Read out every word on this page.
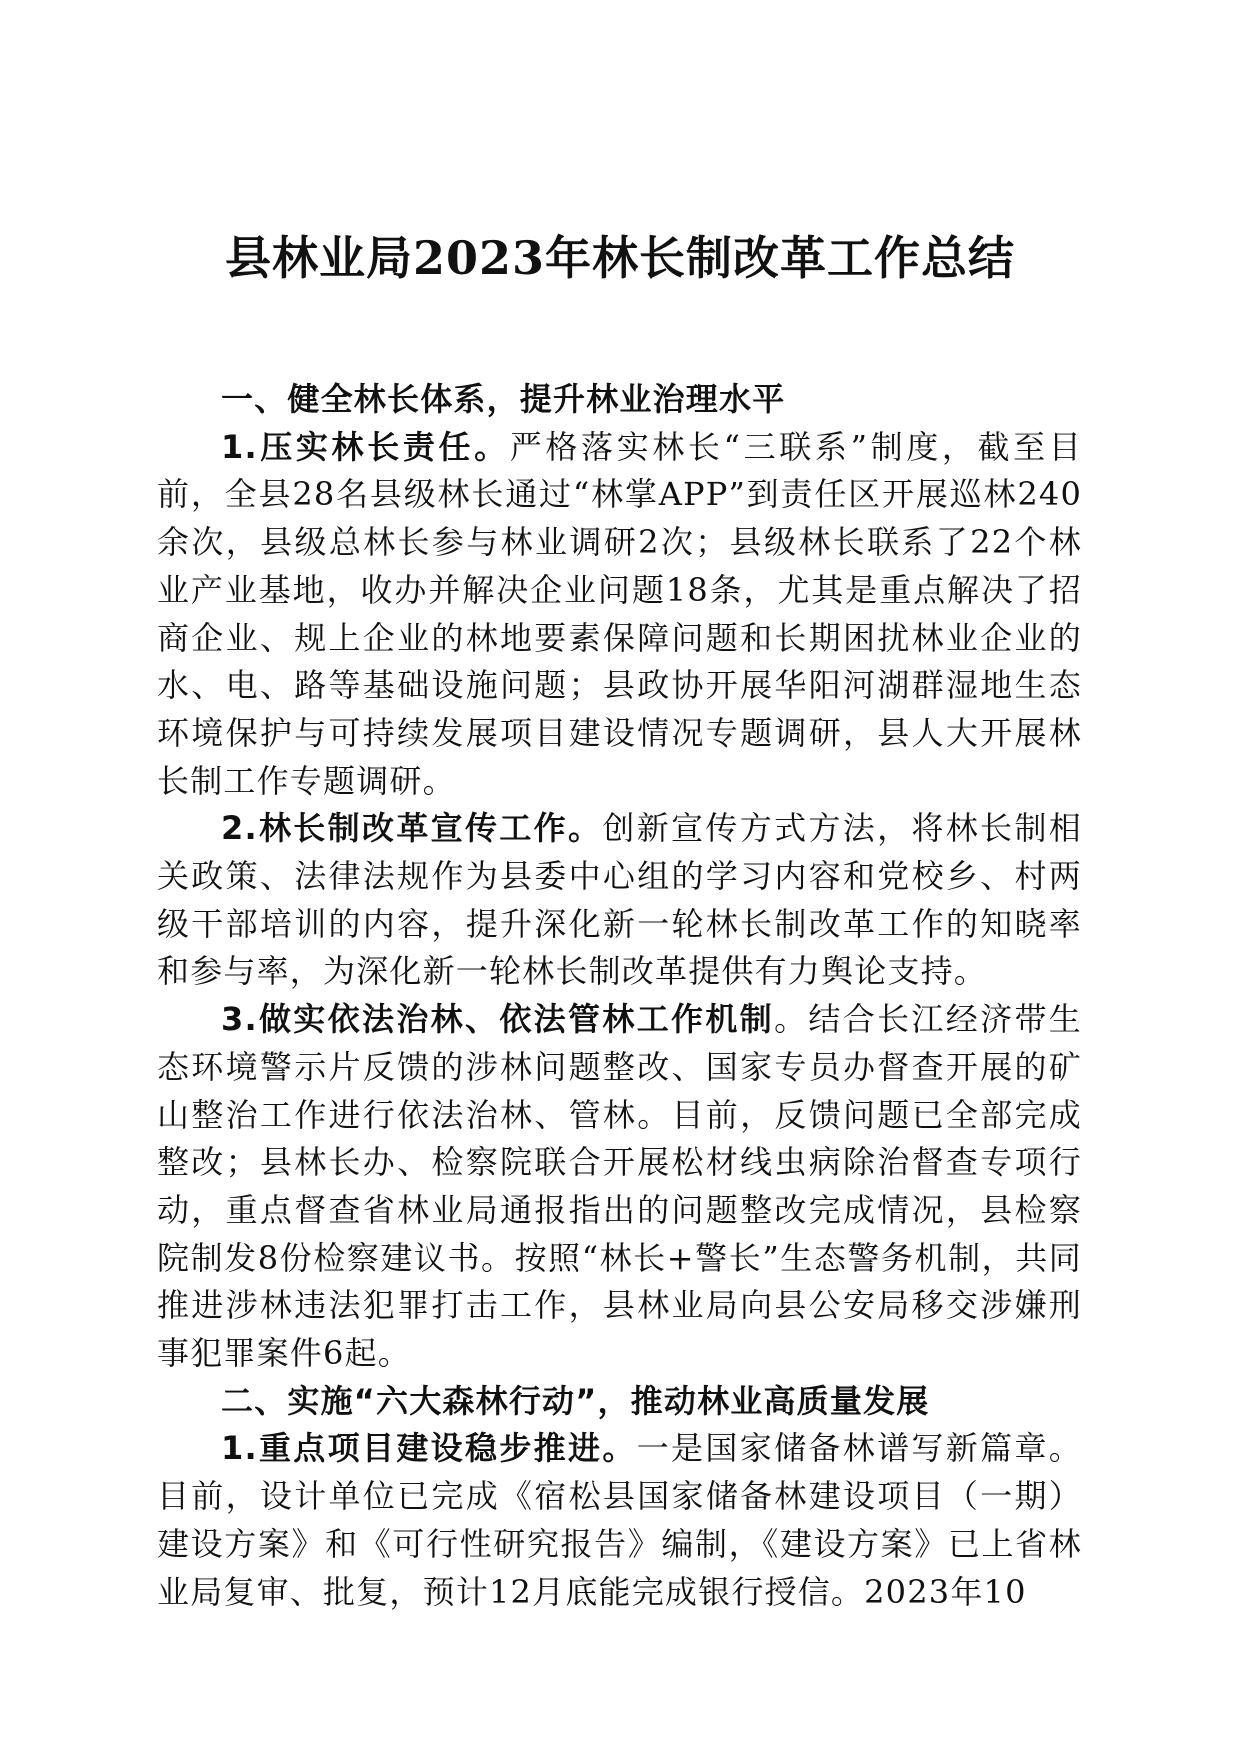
县林业局2023年林长制改革工作总结

一、健全林长体系，提升林业治理水平

1.压实林长责任。严格落实林长“三联系”制度，截至目前，全县28名县级林长通过“林掌APP”到责任区开展巡林240余次，县级总林长参与林业调研2次；县级林长联系了22个林业产业基地，收办并解决企业问题18条，尤其是重点解决了招商企业、规上企业的林地要素保障问题和长期困扰林业企业的水、电、路等基础设施问题；县政协开展华阳河湖群湿地生态环境保护与可持续发展项目建设情况专题调研，县人大开展林长制工作专题调研。

2.林长制改革宣传工作。创新宣传方式方法，将林长制相关政策、法律法规作为县委中心组的学习内容和党校乡、村两级干部培训的内容，提升深化新一轮林长制改革工作的知晓率和参与率，为深化新一轮林长制改革提供有力舆论支持。

3.做实依法治林、依法管林工作机制。结合长江经济带生态环境警示片反馈的涉林问题整改、国家专员办督查开展的矿山整治工作进行依法治林、管林。目前，反馈问题已全部完成整改；县林长办、检察院联合开展松材线虫病除治督查专项行动，重点督查省林业局通报指出的问题整改完成情况，县检察院制发8份检察建议书。按照“林长+警长”生态警务机制，共同推进涉林违法犯罪打击工作，县林业局向县公安局移交涉嫌刑事犯罪案件6起。

二、实施“六大森林行动”，推动林业高质量发展

1.重点项目建设稳步推进。一是国家储备林谱写新篇章。目前，设计单位已完成《宿松县国家储备林建设项目（一期）建设方案》和《可行性研究报告》编制，《建设方案》已上省林业局复审、批复，预计12月底能完成银行授信。2023年10
